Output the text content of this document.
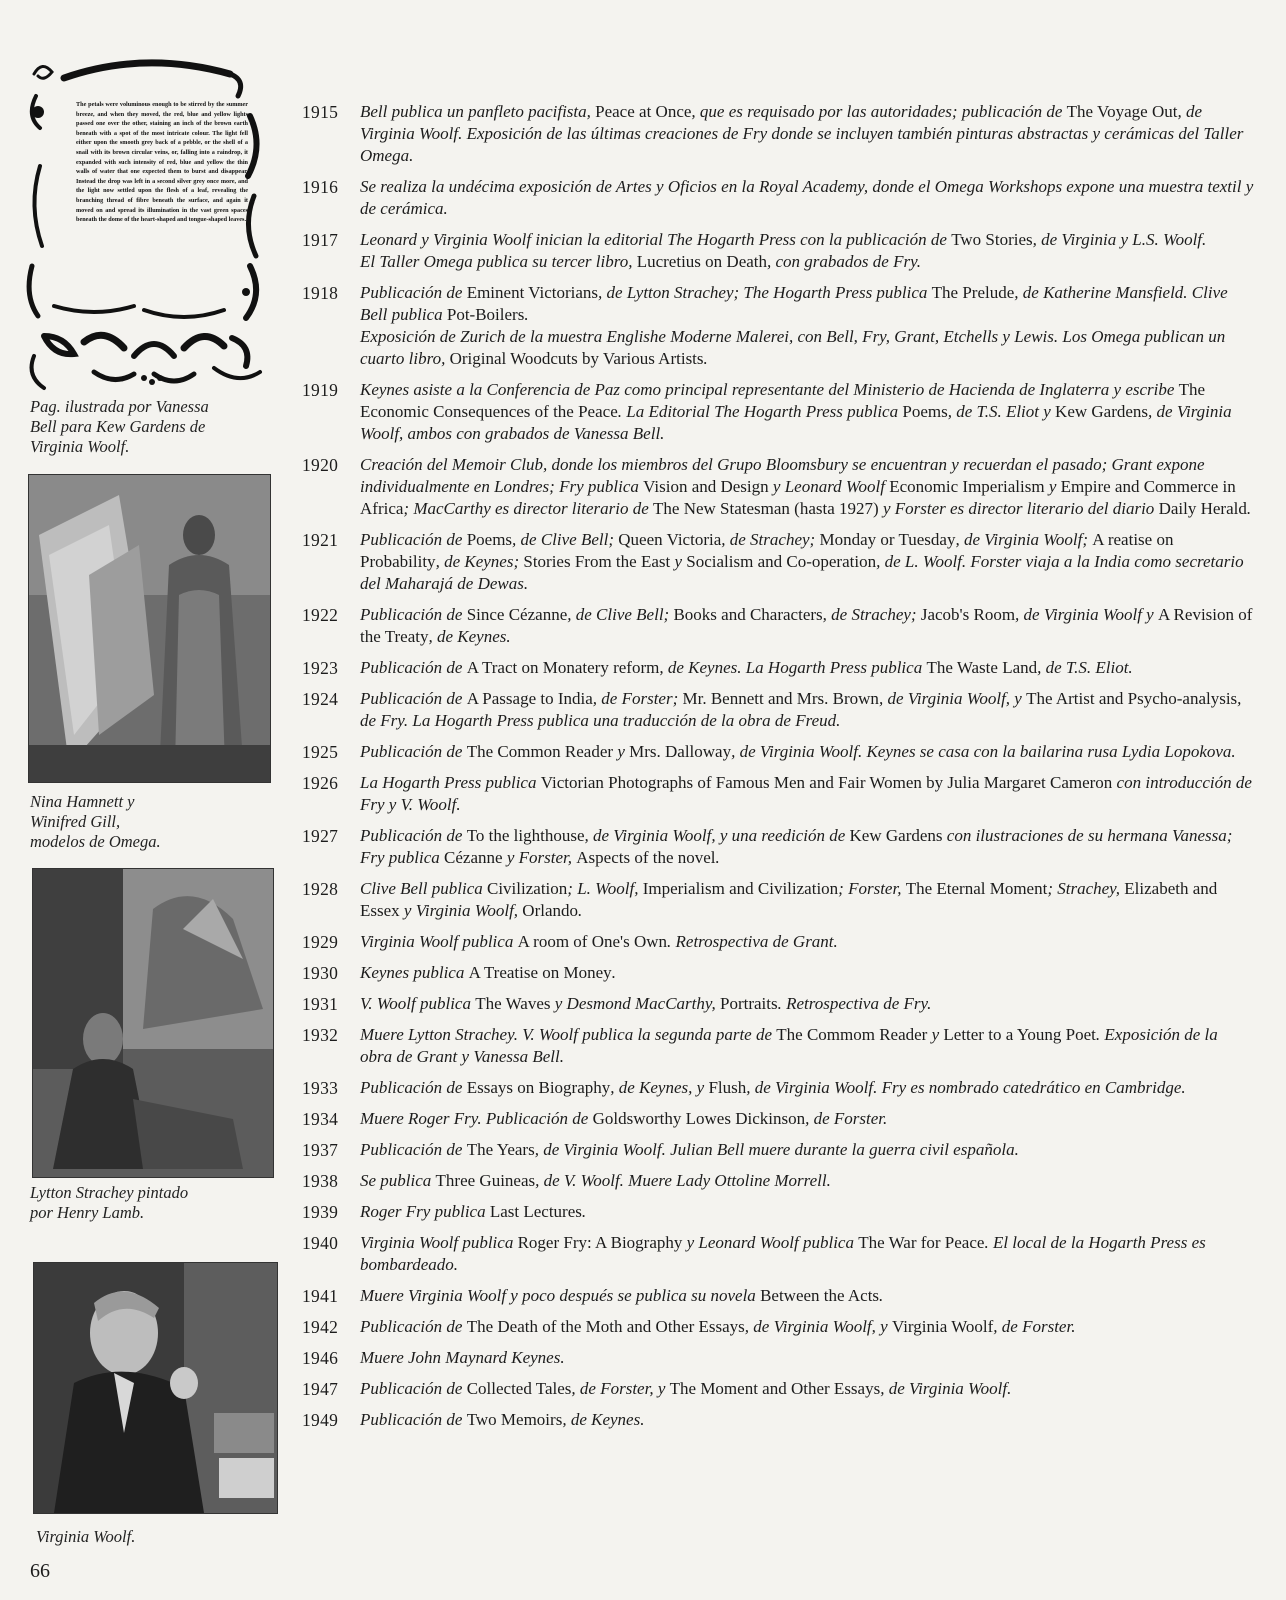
The petals were voluminous enough to be stirred by the summer breeze, and when they moved, the red, blue and yellow lights passed one over the other, staining an inch of the brown earth beneath with a spot of the most intricate colour. The light fell either upon the smooth grey back of a pebble, or the shell of a snail with its brown circular veins, or, falling into a raindrop, it expanded with such intensity of red, blue and yellow the thin walls of water that one expected them to burst and disappear. Instead the drop was left in a second silver grey once more, and the light now settled upon the flesh of a leaf, revealing the branching thread of fibre beneath the surface, and again it moved on and spread its illumination in the vast green spaces beneath the dome of the heart-shaped and tongue-shaped leaves.
Pag. ilustrada por Vanessa
Bell para Kew Gardens de
Virginia Woolf.
Nina Hamnett y
Winifred Gill,
modelos de Omega.
Lytton Strachey pintado
por Henry Lamb.
Virginia Woolf.
66
1915	Bell publica un panfleto pacifista, Peace at Once, que es requisado por las autoridades; publicación de The Voyage Out, de Virginia Woolf. Exposición de las últimas creaciones de Fry donde se incluyen también pinturas abstractas y cerámicas del Taller Omega.

1916	Se realiza la undécima exposición de Artes y Oficios en la Royal Academy, donde el Omega Workshops expone una muestra textil y de cerámica.

1917	Leonard y Virginia Woolf inician la editorial The Hogarth Press con la publicación de Two Stories, de Virginia y L.S. Woolf.

El Taller Omega publica su tercer libro, Lucretius on Death, con grabados de Fry.

1918	Publicación de Eminent Victorians, de Lytton Strachey; The Hogarth Press publica The Prelude, de Katherine Mansfield. Clive Bell publica Pot-Boilers.

Exposición de Zurich de la muestra Englishe Moderne Malerei, con Bell, Fry, Grant, Etchells y Lewis. Los Omega publican un cuarto libro, Original Woodcuts by Various Artists.

1919	Keynes asiste a la Conferencia de Paz como principal representante del Ministerio de Hacienda de Inglaterra y escribe The Economic Consequences of the Peace. La Editorial The Hogarth Press publica Poems, de T.S. Eliot y Kew Gardens, de Virginia Woolf, ambos con grabados de Vanessa Bell.

1920	Creación del Memoir Club, donde los miembros del Grupo Bloomsbury se encuentran y recuerdan el pasado; Grant expone individualmente en Londres; Fry publica Vision and Design y Leonard Woolf Economic Imperialism y Empire and Commerce in Africa; MacCarthy es director literario de The New Statesman (hasta 1927) y Forster es director literario del diario Daily Herald.

1921	Publicación de Poems, de Clive Bell; Queen Victoria, de Strachey; Monday or Tuesday, de Virginia Woolf; A reatise on Probability, de Keynes; Stories From the East y Socialism and Co-operation, de L. Woolf. Forster viaja a la India como secretario del Maharajá de Dewas.

1922	Publicación de Since Cézanne, de Clive Bell; Books and Characters, de Strachey; Jacob's Room, de Virginia Woolf y A Revision of the Treaty, de Keynes.

1923	Publicación de A Tract on Monatery reform, de Keynes. La Hogarth Press publica The Waste Land, de T.S. Eliot.

1924	Publicación de A Passage to India, de Forster; Mr. Bennett and Mrs. Brown, de Virginia Woolf, y The Artist and Psycho-analysis, de Fry. La Hogarth Press publica una traducción de la obra de Freud.

1925	Publicación de The Common Reader y Mrs. Dalloway, de Virginia Woolf. Keynes se casa con la bailarina rusa Lydia Lopokova.

1926	La Hogarth Press publica Victorian Photographs of Famous Men and Fair Women by Julia Margaret Cameron con introducción de Fry y V. Woolf.

1927	Publicación de To the lighthouse, de Virginia Woolf, y una reedición de Kew Gardens con ilustraciones de su hermana Vanessa; Fry publica Cézanne y Forster, Aspects of the novel.

1928	Clive Bell publica Civilization; L. Woolf, Imperialism and Civilization; Forster, The Eternal Moment; Strachey, Elizabeth and Essex y Virginia Woolf, Orlando.

1929	Virginia Woolf publica A room of One's Own. Retrospectiva de Grant.

1930	Keynes publica A Treatise on Money.

1931	V. Woolf publica The Waves y Desmond MacCarthy, Portraits. Retrospectiva de Fry.

1932	Muere Lytton Strachey. V. Woolf publica la segunda parte de The Commom Reader y Letter to a Young Poet. Exposición de la obra de Grant y Vanessa Bell.

1933	Publicación de Essays on Biography, de Keynes, y Flush, de Virginia Woolf. Fry es nombrado catedrático en Cambridge.

1934	Muere Roger Fry. Publicación de Goldsworthy Lowes Dickinson, de Forster.

1937	Publicación de The Years, de Virginia Woolf. Julian Bell muere durante la guerra civil española.

1938	Se publica Three Guineas, de V. Woolf. Muere Lady Ottoline Morrell.

1939	Roger Fry publica Last Lectures.

1940	Virginia Woolf publica Roger Fry: A Biography y Leonard Woolf publica The War for Peace. El local de la Hogarth Press es bombardeado.

1941	Muere Virginia Woolf y poco después se publica su novela Between the Acts.

1942	Publicación de The Death of the Moth and Other Essays, de Virginia Woolf, y Virginia Woolf, de Forster.

1946	Muere John Maynard Keynes.

1947	Publicación de Collected Tales, de Forster, y The Moment and Other Essays, de Virginia Woolf.

1949	Publicación de Two Memoirs, de Keynes.
